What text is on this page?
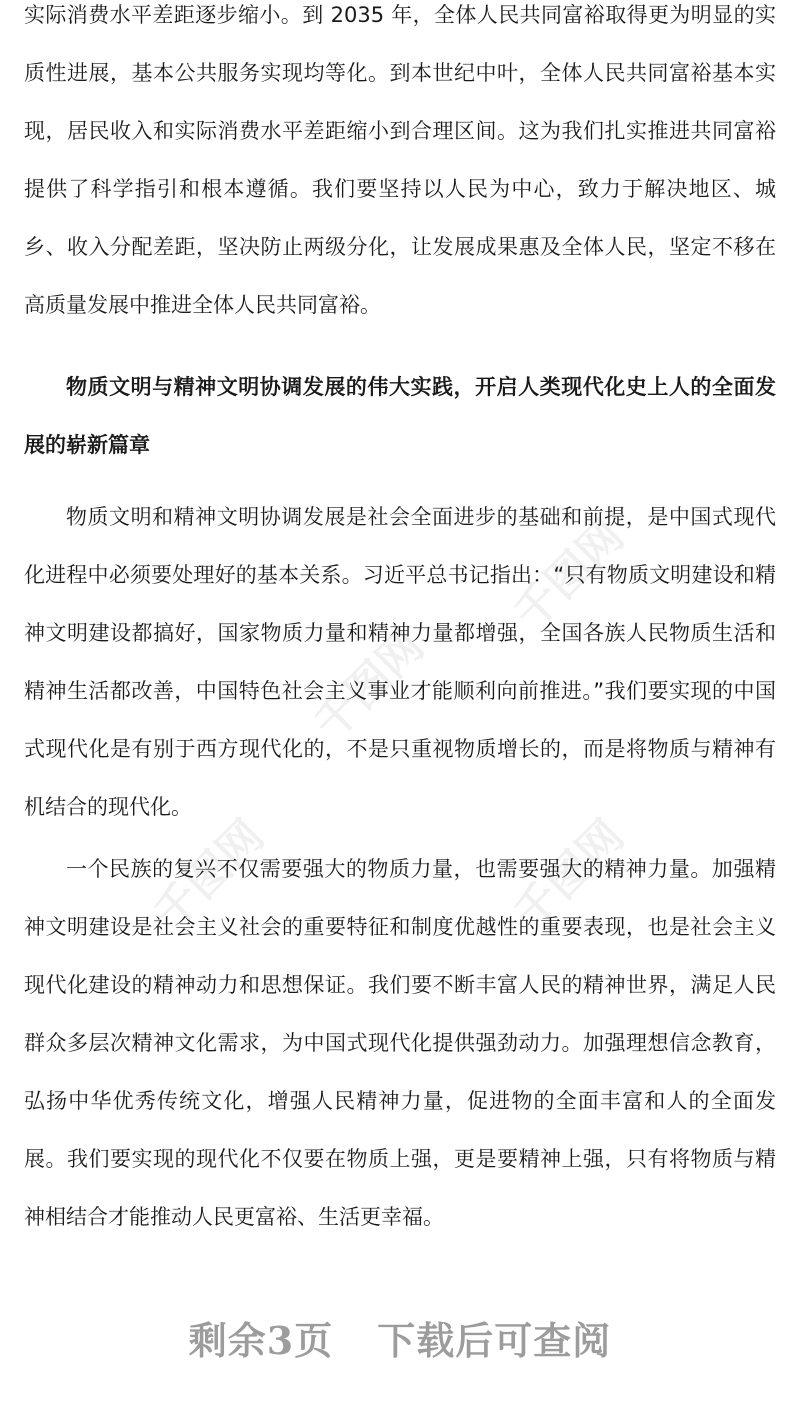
实际消费水平差距逐步缩小。到 2035 年，全体人民共同富裕取得更为明显的实质性进展，基本公共服务实现均等化。到本世纪中叶，全体人民共同富裕基本实现，居民收入和实际消费水平差距缩小到合理区间。这为我们扎实推进共同富裕提供了科学指引和根本遵循。我们要坚持以人民为中心，致力于解决地区、城乡、收入分配差距，坚决防止两级分化，让发展成果惠及全体人民，坚定不移在高质量发展中推进全体人民共同富裕。

物质文明与精神文明协调发展的伟大实践，开启人类现代化史上人的全面发展的崭新篇章

物质文明和精神文明协调发展是社会全面进步的基础和前提，是中国式现代化进程中必须要处理好的基本关系。习近平总书记指出：“只有物质文明建设和精神文明建设都搞好，国家物质力量和精神力量都增强，全国各族人民物质生活和精神生活都改善，中国特色社会主义事业才能顺利向前推进。”我们要实现的中国式现代化是有别于西方现代化的，不是只重视物质增长的，而是将物质与精神有机结合的现代化。

一个民族的复兴不仅需要强大的物质力量，也需要强大的精神力量。加强精神文明建设是社会主义社会的重要特征和制度优越性的重要表现，也是社会主义现代化建设的精神动力和思想保证。我们要不断丰富人民的精神世界，满足人民群众多层次精神文化需求，为中国式现代化提供强劲动力。加强理想信念教育，弘扬中华优秀传统文化，增强人民精神力量，促进物的全面丰富和人的全面发展。我们要实现的现代化不仅要在物质上强，更是要精神上强，只有将物质与精神相结合才能推动人民更富裕、生活更幸福。

千图网
千图网
千图网
千图网
剩余3页 下载后可查阅
